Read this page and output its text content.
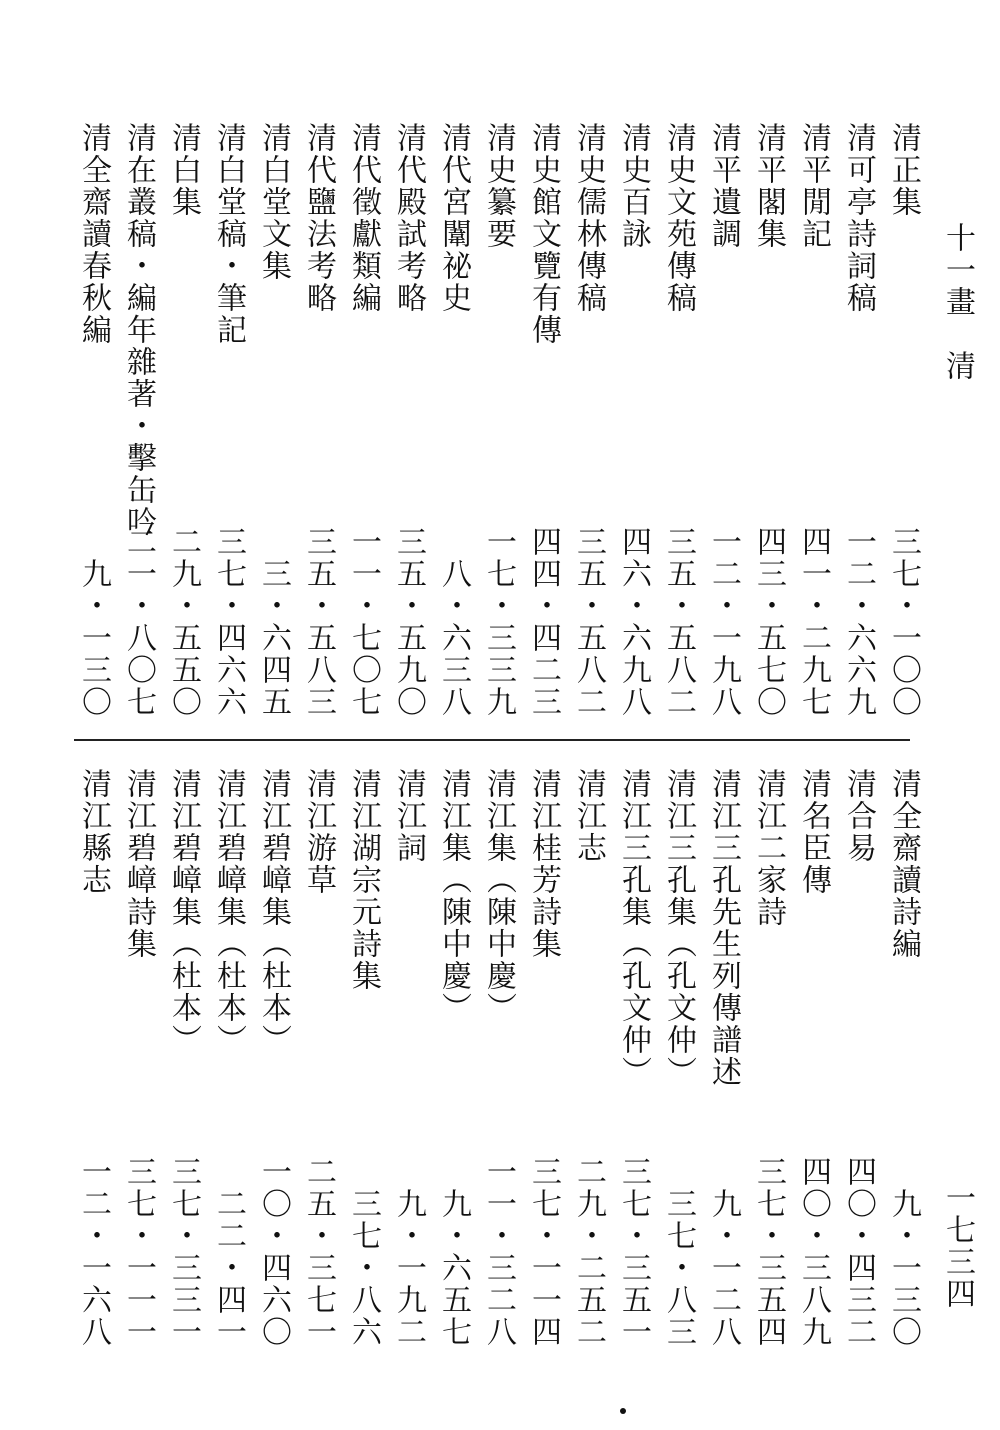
十一畫　清
一七三四
清正集
三七・一〇〇
清可亭詩詞稿
一二・六六九
清平閒記
四一・二九七
清平閣集
四三・五七〇
清平遺調
一二・一九八
清史文苑傳稿
三五・五八二
清史百詠
四六・六九八
清史儒林傳稿
三五・五八二
清史館文覽有傳
四四・四二三
清史纂要
一七・三三九
清代宮闈祕史
八・六三八
清代殿試考略
三五・五九〇
清代徵獻類編
一一・七〇七
清代鹽法考略
三五・五八三
清白堂文集
三・六四五
清白堂稿・筆記
三七・四六六
清白集
二九・五五〇
清在叢稿・編年雜著・擊缶吟
二一・八〇七
清全齋讀春秋編
九・一三〇
清全齋讀詩編
九・一三〇
清合易
四〇・四三二
清名臣傳
四〇・三八九
清江二家詩
三七・三五四
清江三孔先生列傳譜述
九・一二八
清江三孔集（孔文仲）
三七・八三
清江三孔集（孔文仲）
三七・三五一
清江志
二九・二五二
清江桂芳詩集
三七・一一四
清江集（陳中慶）
一一・三二八
清江集（陳中慶）
九・六五七
清江詞
九・一九二
清江湖宗元詩集
三七・八六
清江游草
二五・三七一
清江碧嶂集（杜本）
一〇・四六〇
清江碧嶂集（杜本）
二二・四一
清江碧嶂集（杜本）
三七・三三一
清江碧嶂詩集
三七・一一一
清江縣志
一二・一六八
